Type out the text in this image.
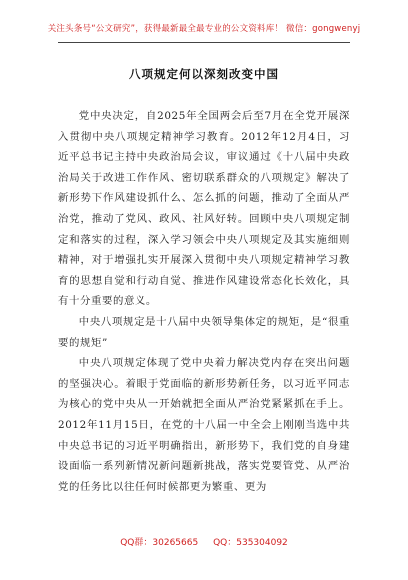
关注头条号“公文研究”，获得最新最全最专业的公文资料库！ 微信：gongwenyj
八项规定何以深刻改变中国

党中央决定，自2025年全国两会后至7月在全党开展深入贯彻中央八项规定精神学习教育。2012年12月4日，习近平总书记主持中央政治局会议，审议通过《十八届中央政治局关于改进工作作风、密切联系群众的八项规定》解决了新形势下作风建设抓什么、怎么抓的问题，推动了全面从严治党，推动了党风、政风、社风好转。回顾中央八项规定制定和落实的过程，深入学习领会中央八项规定及其实施细则精神，对于增强扎实开展深入贯彻中央八项规定精神学习教育的思想自觉和行动自觉、推进作风建设常态化长效化，具有十分重要的意义。

中央八项规定是十八届中央领导集体定的规矩，是“很重要的规矩”

中央八项规定体现了党中央着力解决党内存在突出问题的坚强决心。着眼于党面临的新形势新任务，以习近平同志为核心的党中央从一开始就把全面从严治党紧紧抓在手上。2012年11月15日，在党的十八届一中全会上刚刚当选中共中央总书记的习近平明确指出，新形势下，我们党的自身建设面临一系列新情况新问题新挑战，落实党要管党、从严治党的任务比以往任何时候都更为繁重、更为

QQ群：30265665 QQ：535304092
